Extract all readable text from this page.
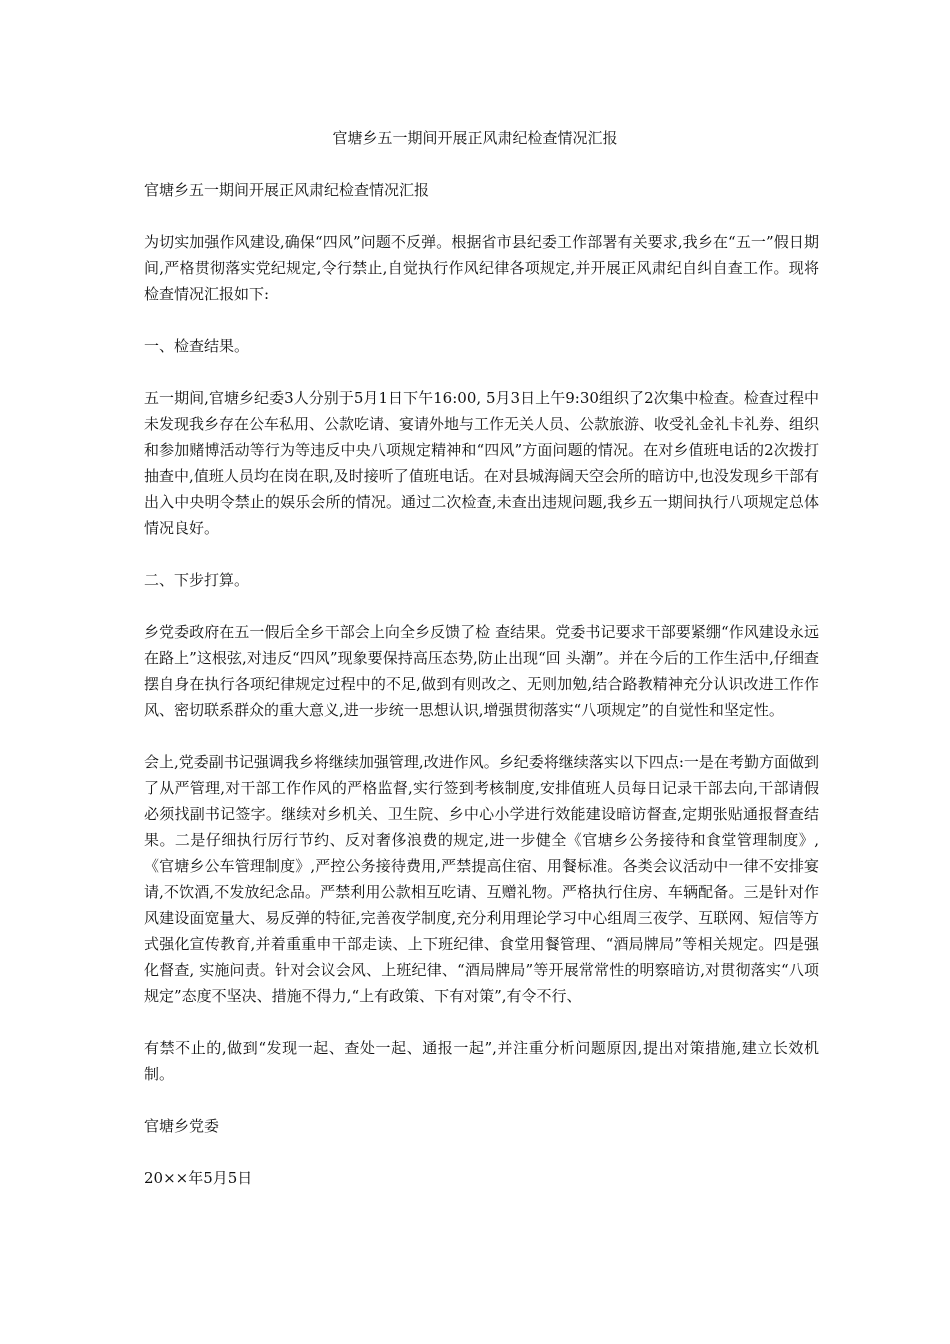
官塘乡五一期间开展正风肃纪检查情况汇报

官塘乡五一期间开展正风肃纪检查情况汇报

为切实加强作风建设,确保“四风”问题不反弹。根据省市县纪委工作部署有关要求,我乡在“五一”假日期间,严格贯彻落实党纪规定,令行禁止,自觉执行作风纪律各项规定,并开展正风肃纪自纠自查工作。现将检查情况汇报如下:

一、检查结果。

五一期间,官塘乡纪委3人分别于5月1日下午16:00, 5月3日上午9:30组织了2次集中检查。检查过程中未发现我乡存在公车私用、公款吃请、宴请外地与工作无关人员、公款旅游、收受礼金礼卡礼券、组织和参加赌博活动等行为等违反中央八项规定精神和“四风”方面问题的情况。在对乡值班电话的2次拨打抽查中,值班人员均在岗在职,及时接听了值班电话。在对县城海阔天空会所的暗访中,也没发现乡干部有出入中央明令禁止的娱乐会所的情况。通过二次检查,未查出违规问题,我乡五一期间执行八项规定总体情况良好。

二、下步打算。

乡党委政府在五一假后全乡干部会上向全乡反馈了检 查结果。党委书记要求干部要紧绷“作风建设永远在路上”这根弦,对违反“四风”现象要保持高压态势,防止出现“回 头潮”。并在今后的工作生活中,仔细查摆自身在执行各项纪律规定过程中的不足,做到有则改之、无则加勉,结合路教精神充分认识改进工作作风、密切联系群众的重大意义,进一步统一思想认识,增强贯彻落实“八项规定”的自觉性和坚定性。

会上,党委副书记强调我乡将继续加强管理,改进作风。乡纪委将继续落实以下四点:一是在考勤方面做到了从严管理,对干部工作作风的严格监督,实行签到考核制度,安排值班人员每日记录干部去向,干部请假必须找副书记签字。继续对乡机关、卫生院、乡中心小学进行效能建设暗访督查,定期张贴通报督查结果。二是仔细执行厉行节约、反对奢侈浪费的规定,进一步健全《官塘乡公务接待和食堂管理制度》,《官塘乡公车管理制度》,严控公务接待费用,严禁提高住宿、用餐标准。各类会议活动中一律不安排宴请,不饮酒,不发放纪念品。严禁利用公款相互吃请、互赠礼物。严格执行住房、车辆配备。三是针对作风建设面宽量大、易反弹的特征,完善夜学制度,充分利用理论学习中心组周三夜学、互联网、短信等方式强化宣传教育,并着重重申干部走读、上下班纪律、食堂用餐管理、“酒局牌局”等相关规定。四是强化督查, 实施问责。针对会议会风、上班纪律、“酒局牌局”等开展常常性的明察暗访,对贯彻落实“八项规定”态度不坚决、措施不得力,“上有政策、下有对策”,有令不行、

有禁不止的,做到“发现一起、查处一起、通报一起”,并注重分析问题原因,提出对策措施,建立长效机制。

官塘乡党委

20××年5月5日
